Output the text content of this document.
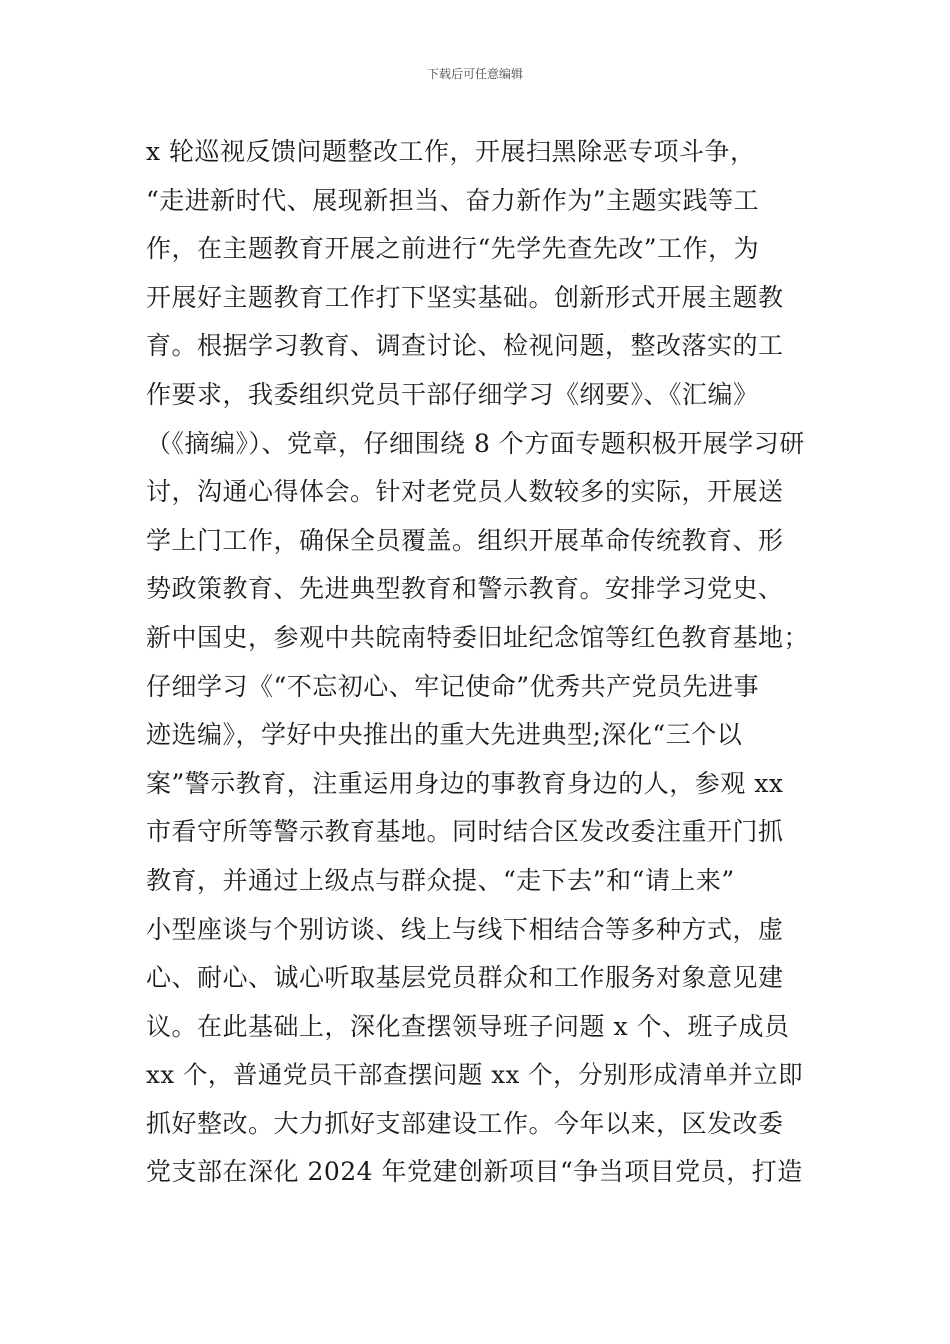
下载后可任意编辑
x 轮巡视反馈问题整改工作，开展扫黑除恶专项斗争，
“走进新时代、展现新担当、奋力新作为”主题实践等工
作，在主题教育开展之前进行“先学先查先改”工作，为
开展好主题教育工作打下坚实基础。创新形式开展主题教
育。根据学习教育、调查讨论、检视问题，整改落实的工
作要求，我委组织党员干部仔细学习《纲要》、《汇编》
（《摘编》）、党章，仔细围绕 8 个方面专题积极开展学习研
讨，沟通心得体会。针对老党员人数较多的实际，开展送
学上门工作，确保全员覆盖。组织开展革命传统教育、形
势政策教育、先进典型教育和警示教育。安排学习党史、
新中国史，参观中共皖南特委旧址纪念馆等红色教育基地；
仔细学习《“不忘初心、牢记使命”优秀共产党员先进事
迹选编》，学好中央推出的重大先进典型;深化“三个以
案”警示教育，注重运用身边的事教育身边的人，参观 xx
市看守所等警示教育基地。同时结合区发改委注重开门抓
教育，并通过上级点与群众提、“走下去”和“请上来”
小型座谈与个别访谈、线上与线下相结合等多种方式，虚
心、耐心、诚心听取基层党员群众和工作服务对象意见建
议。在此基础上，深化查摆领导班子问题 x 个、班子成员
xx 个，普通党员干部查摆问题 xx 个，分别形成清单并立即
抓好整改。大力抓好支部建设工作。今年以来，区发改委
党支部在深化 2024 年党建创新项目“争当项目党员，打造
